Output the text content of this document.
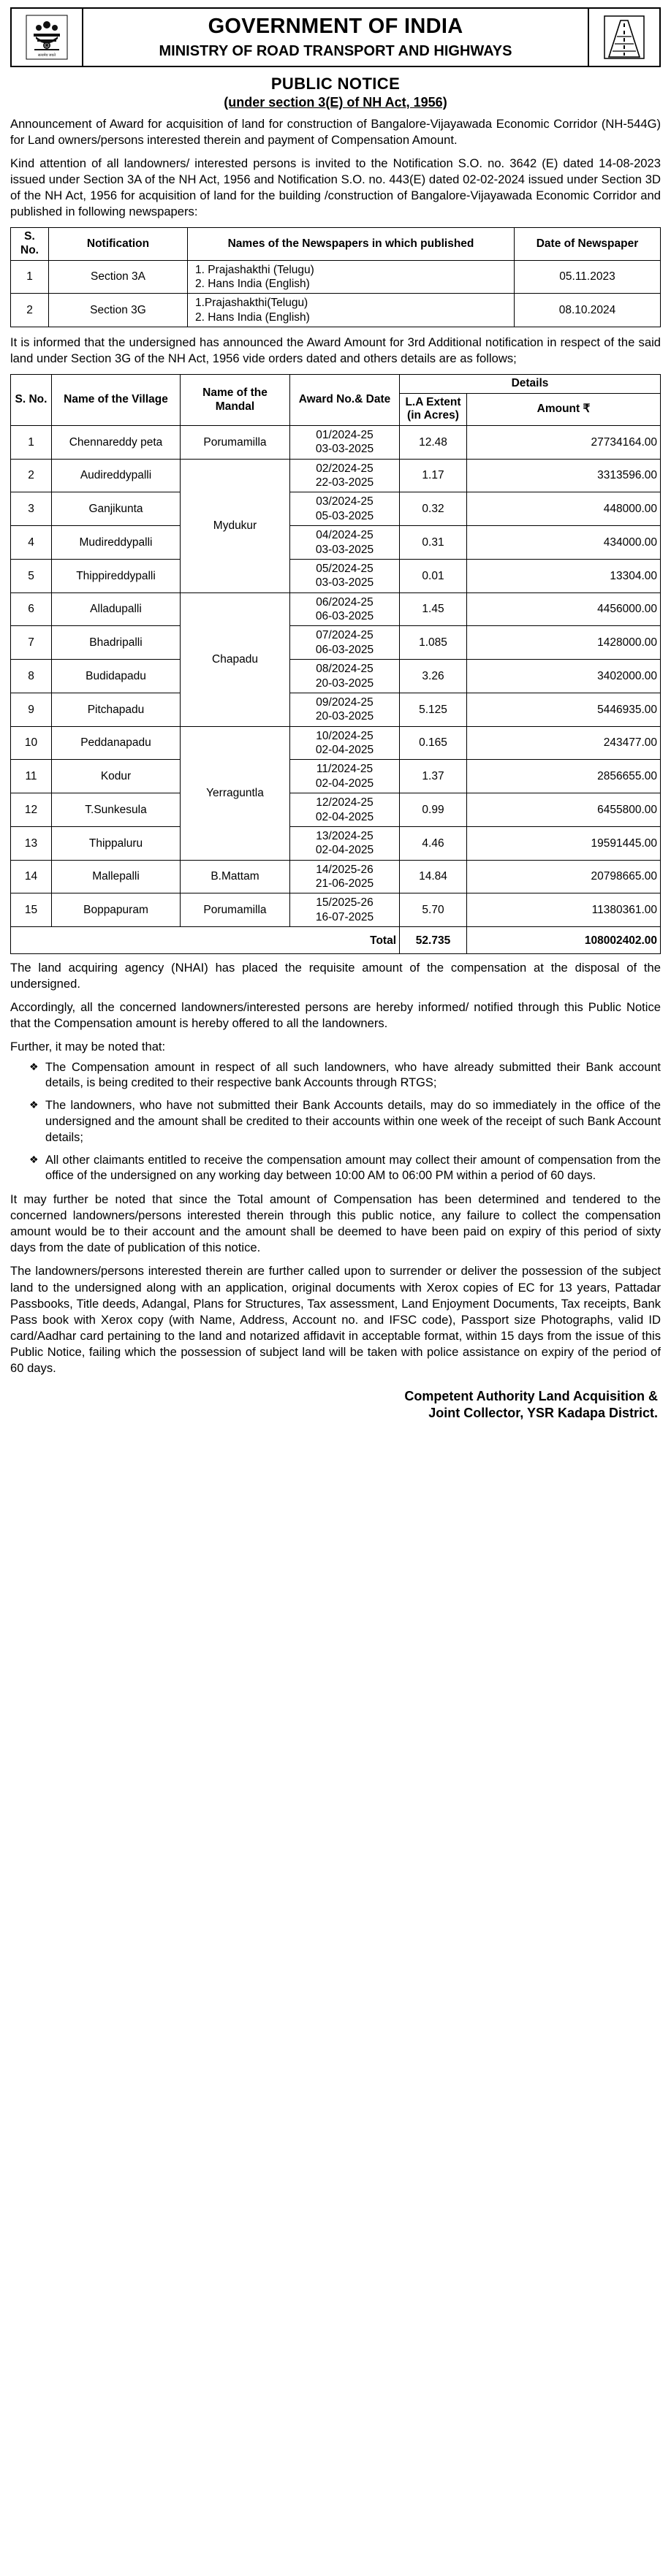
सत्यमेव जयते
GOVERNMENT OF INDIA
MINISTRY OF ROAD TRANSPORT AND HIGHWAYS
PUBLIC NOTICE
(under section 3(E) of NH Act, 1956)

Announcement of Award for acquisition of land for construction of Bangalore-Vijayawada Economic Corridor (NH-544G) for Land owners/persons interested therein and payment of Compensation Amount.

Kind attention of all landowners/ interested persons is invited to the Notification S.O. no. 3642 (E) dated 14-08-2023 issued under Section 3A of the NH Act, 1956 and Notification S.O. no. 443(E) dated 02-02-2024 issued under Section 3D of the NH Act, 1956 for acquisition of land for the building /construction of Bangalore-Vijayawada Economic Corridor and published in following newspapers:

S. No.	Notification	Names of the Newspapers in which published	Date of Newspaper
1	Section 3A	1. Prajashakthi (Telugu)
2. Hans India (English)	05.11.2023
2	Section 3G	1.Prajashakthi(Telugu)
2. Hans India (English)	08.10.2024

It is informed that the undersigned has announced the Award Amount for 3rd Additional notification in respect of the said land under Section 3G of the NH Act, 1956 vide orders dated and others details are as follows;

S. No.	Name of the Village	Name of the Mandal	Award No.& Date	Details	
				L.A Extent (in Acres)	Amount ₹
1	Chennareddy peta	Porumamilla	01/2024-25
03-03-2025	12.48	27734164.00
2	Audireddypalli	Mydukur	02/2024-25
22-03-2025	1.17	3313596.00
3	Ganjikunta		03/2024-25
05-03-2025	0.32	448000.00
4	Mudireddypalli		04/2024-25
03-03-2025	0.31	434000.00
5	Thippireddypalli		05/2024-25
03-03-2025	0.01	13304.00
6	Alladupalli	Chapadu	06/2024-25
06-03-2025	1.45	4456000.00
7	Bhadripalli		07/2024-25
06-03-2025	1.085	1428000.00
8	Budidapadu		08/2024-25
20-03-2025	3.26	3402000.00
9	Pitchapadu		09/2024-25
20-03-2025	5.125	5446935.00
10	Peddanapadu	Yerraguntla	10/2024-25
02-04-2025	0.165	243477.00
11	Kodur		11/2024-25
02-04-2025	1.37	2856655.00
12	T.Sunkesula		12/2024-25
02-04-2025	0.99	6455800.00
13	Thippaluru		13/2024-25
02-04-2025	4.46	19591445.00
14	Mallepalli	B.Mattam	14/2025-26
21-06-2025	14.84	20798665.00
15	Boppapuram	Porumamilla	15/2025-26
16-07-2025	5.70	11380361.00
Total				52.735	108002402.00

The land acquiring agency (NHAI) has placed the requisite amount of the compensation at the disposal of the undersigned.

Accordingly, all the concerned landowners/interested persons are hereby informed/ notified through this Public Notice that the Compensation amount is hereby offered to all the landowners.

Further, it may be noted that:

❖ The Compensation amount in respect of all such landowners, who have already submitted their Bank account details, is being credited to their respective bank Accounts through RTGS;
❖ The landowners, who have not submitted their Bank Accounts details, may do so immediately in the office of the undersigned and the amount shall be credited to their accounts within one week of the receipt of such Bank Account details;
❖ All other claimants entitled to receive the compensation amount may collect their amount of compensation from the office of the undersigned on any working day between 10:00 AM to 06:00 PM within a period of 60 days.

It may further be noted that since the Total amount of Compensation has been determined and tendered to the concerned landowners/persons interested therein through this public notice, any failure to collect the compensation amount would be to their account and the amount shall be deemed to have been paid on expiry of this period of sixty days from the date of publication of this notice.

The landowners/persons interested therein are further called upon to surrender or deliver the possession of the subject land to the undersigned along with an application, original documents with Xerox copies of EC for 13 years, Pattadar Passbooks, Title deeds, Adangal, Plans for Structures, Tax assessment, Land Enjoyment Documents, Tax receipts, Bank Pass book with Xerox copy (with Name, Address, Account no. and IFSC code), Passport size Photographs, valid ID card/Aadhar card pertaining to the land and notarized affidavit in acceptable format, within 15 days from the issue of this Public Notice, failing which the possession of subject land will be taken with police assistance on expiry of the period of 60 days.

Competent Authority Land Acquisition &
Joint Collector, YSR Kadapa District.
